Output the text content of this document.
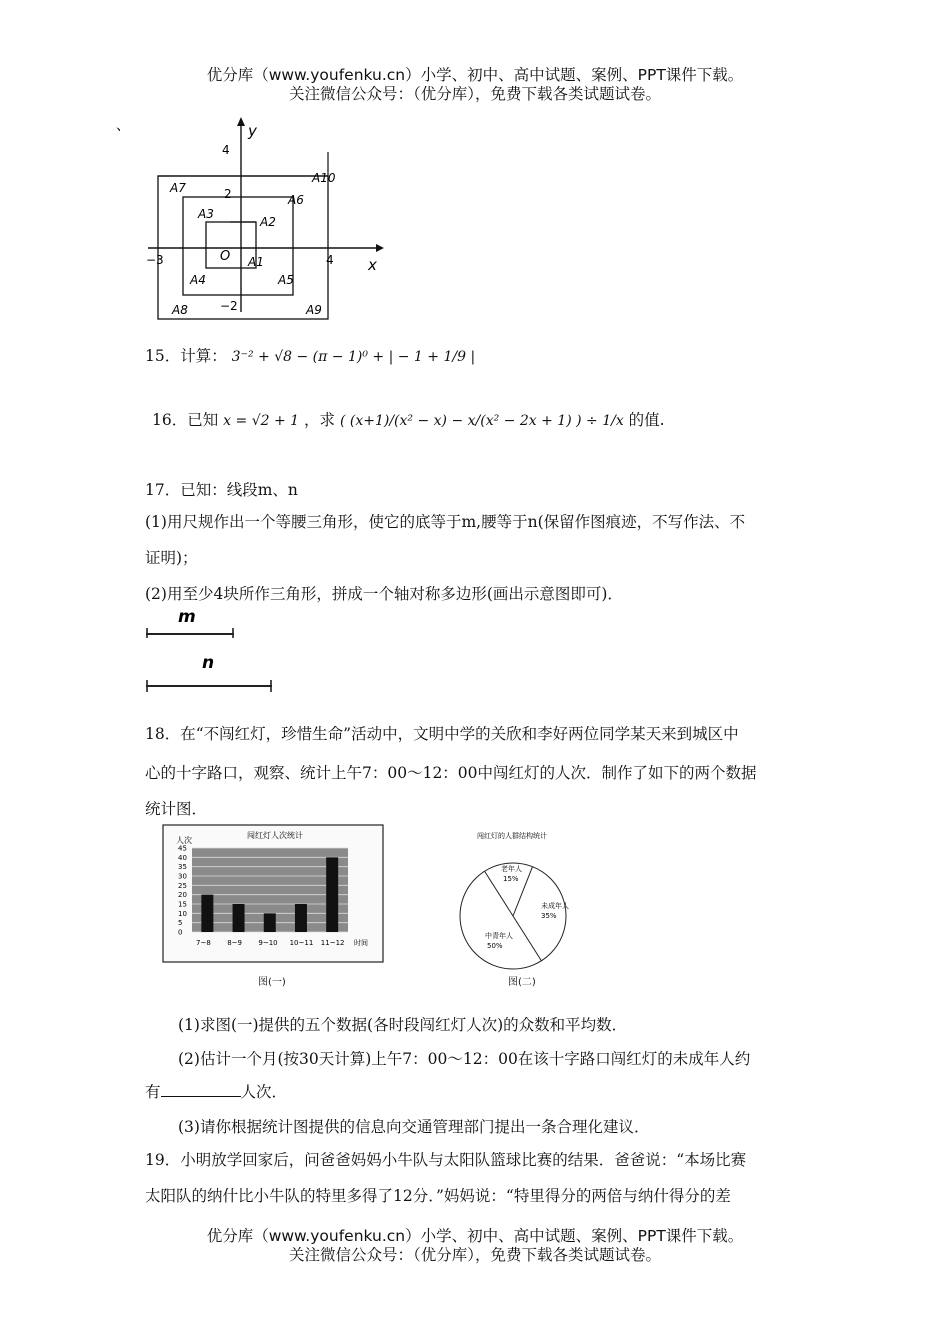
优分库（www.youfenku.cn）小学、初中、高中试题、案例、PPT课件下载。
关注微信公众号：（优分库），免费下载各类试题试卷。
、	y
x
4
2
−3	4
−2
O A1
A2
A3
A4	A5
A6
A7
A8	A9
A10
15．计算： 3⁻² + √8 − (π − 1)⁰ + | − 1 + 1/9 |
16．已知 x = √2 + 1 ，求 ( (x+1)/(x² − x) − x/(x² − 2x + 1) ) ÷ 1/x 的值.
17．已知：线段m、n
(1)用尺规作出一个等腰三角形，使它的底等于m,腰等于n(保留作图痕迹，不写作法、不
证明)；
(2)用至少4块所作三角形，拼成一个轴对称多边形(画出示意图即可)．
m
n
18．在“不闯红灯，珍惜生命”活动中，文明中学的关欣和李好两位同学某天来到城区中
心的十字路口，观察、统计上午7：00～12：00中闯红灯的人次．制作了如下的两个数据
统计图．
闯红灯人次统计
人次
时间
0
5
10
15
20
25
30
35
40
45
7~8 8~9 9~10 10~11 11~12
图(一)
闯红灯的人群结构统计
老年人
15%
未成年人
35%
中青年人
50%
图(二)
(1)求图(一)提供的五个数据(各时段闯红灯人次)的众数和平均数．
(2)估计一个月(按30天计算)上午7：00～12：00在该十字路口闯红灯的未成年人约
有	人次．
(3)请你根据统计图提供的信息向交通管理部门提出一条合理化建议．
19．小明放学回家后，问爸爸妈妈小牛队与太阳队篮球比赛的结果．爸爸说：“本场比赛
太阳队的纳什比小牛队的特里多得了12分．”妈妈说：“特里得分的两倍与纳什得分的差
优分库（www.youfenku.cn）小学、初中、高中试题、案例、PPT课件下载。
关注微信公众号：（优分库），免费下载各类试题试卷。
